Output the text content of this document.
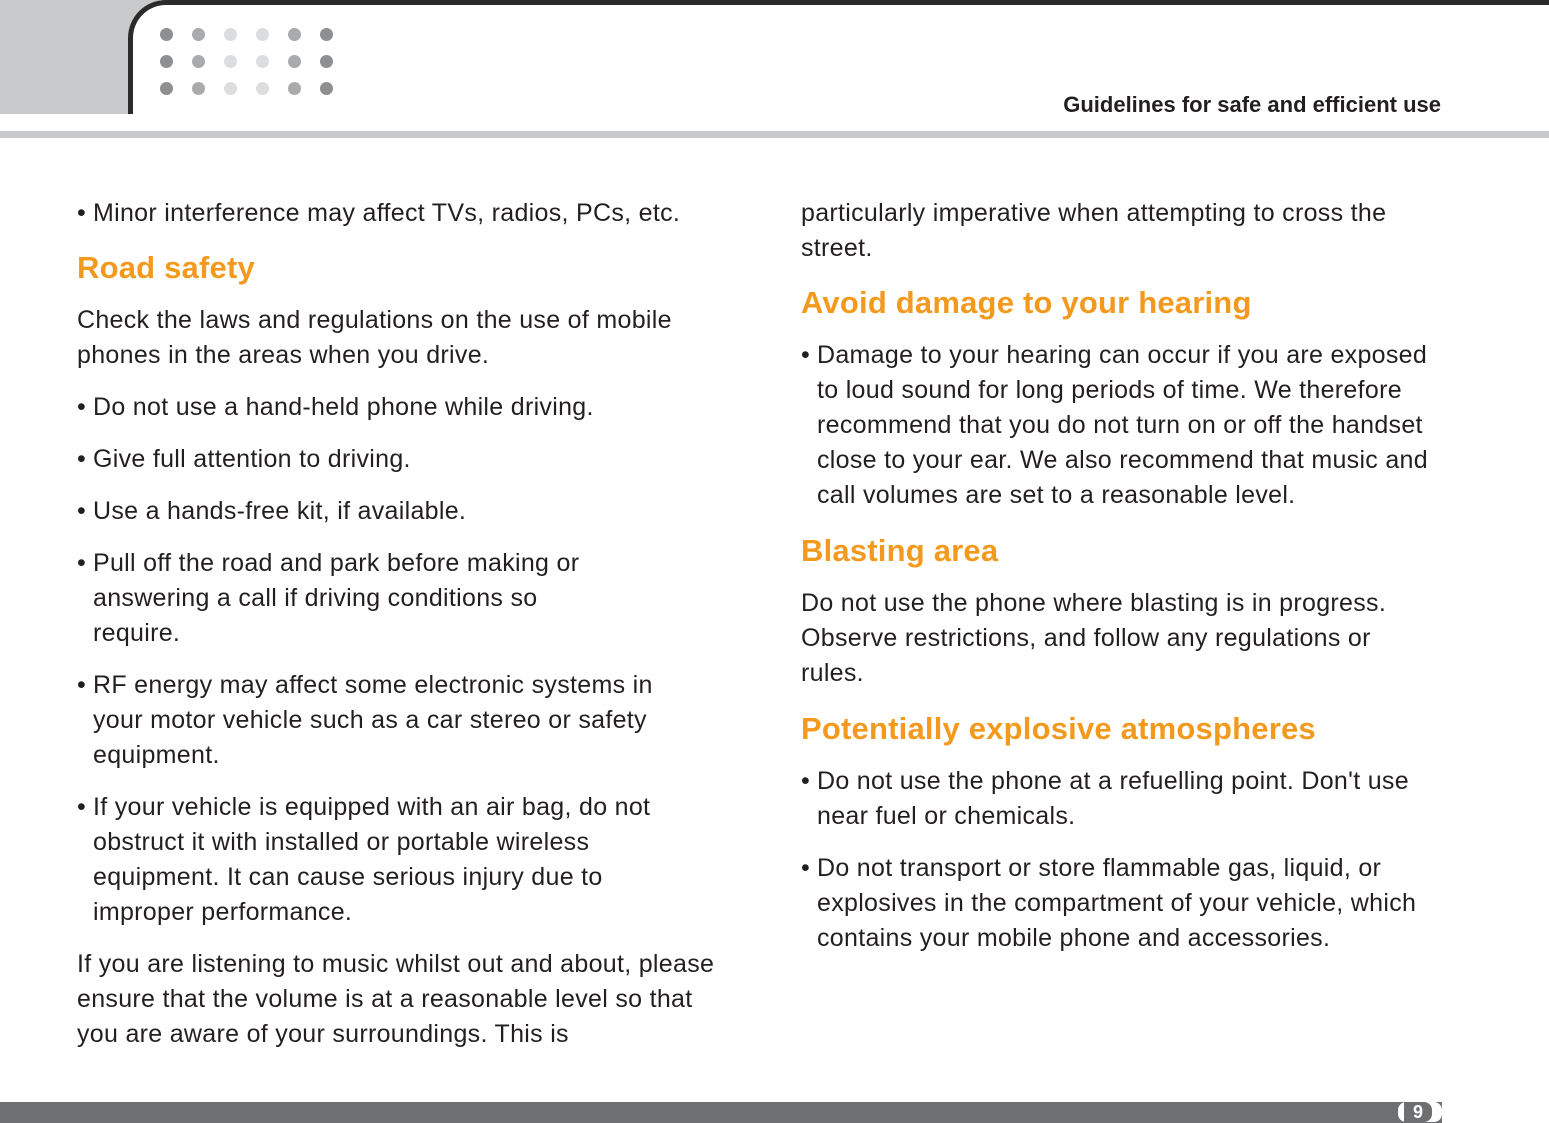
Guidelines for safe and efficient use
• Minor interference may affect TVs, radios, PCs, etc.
Road safety
Check the laws and regulations on the use of mobile phones in the areas when you drive.
• Do not use a hand-held phone while driving.
• Give full attention to driving.
• Use a hands-free kit, if available.
• Pull off the road and park before making or answering a call if driving conditions so require.
• RF energy may affect some electronic systems in your motor vehicle such as a car stereo or safety equipment.
• If your vehicle is equipped with an air bag, do not obstruct it with installed or portable wireless equipment. It can cause serious injury due to improper performance.
If you are listening to music whilst out and about, please ensure that the volume is at a reasonable level so that you are aware of your surroundings. This is
particularly imperative when attempting to cross the street.
Avoid damage to your hearing
• Damage to your hearing can occur if you are exposed to loud sound for long periods of time. We therefore recommend that you do not turn on or off the handset close to your ear. We also recommend that music and call volumes are set to a reasonable level.
Blasting area
Do not use the phone where blasting is in progress. Observe restrictions, and follow any regulations or rules.
Potentially explosive atmospheres
• Do not use the phone at a refuelling point. Don't use near fuel or chemicals.
• Do not transport or store flammable gas, liquid, or explosives in the compartment of your vehicle, which contains your mobile phone and accessories.
9
